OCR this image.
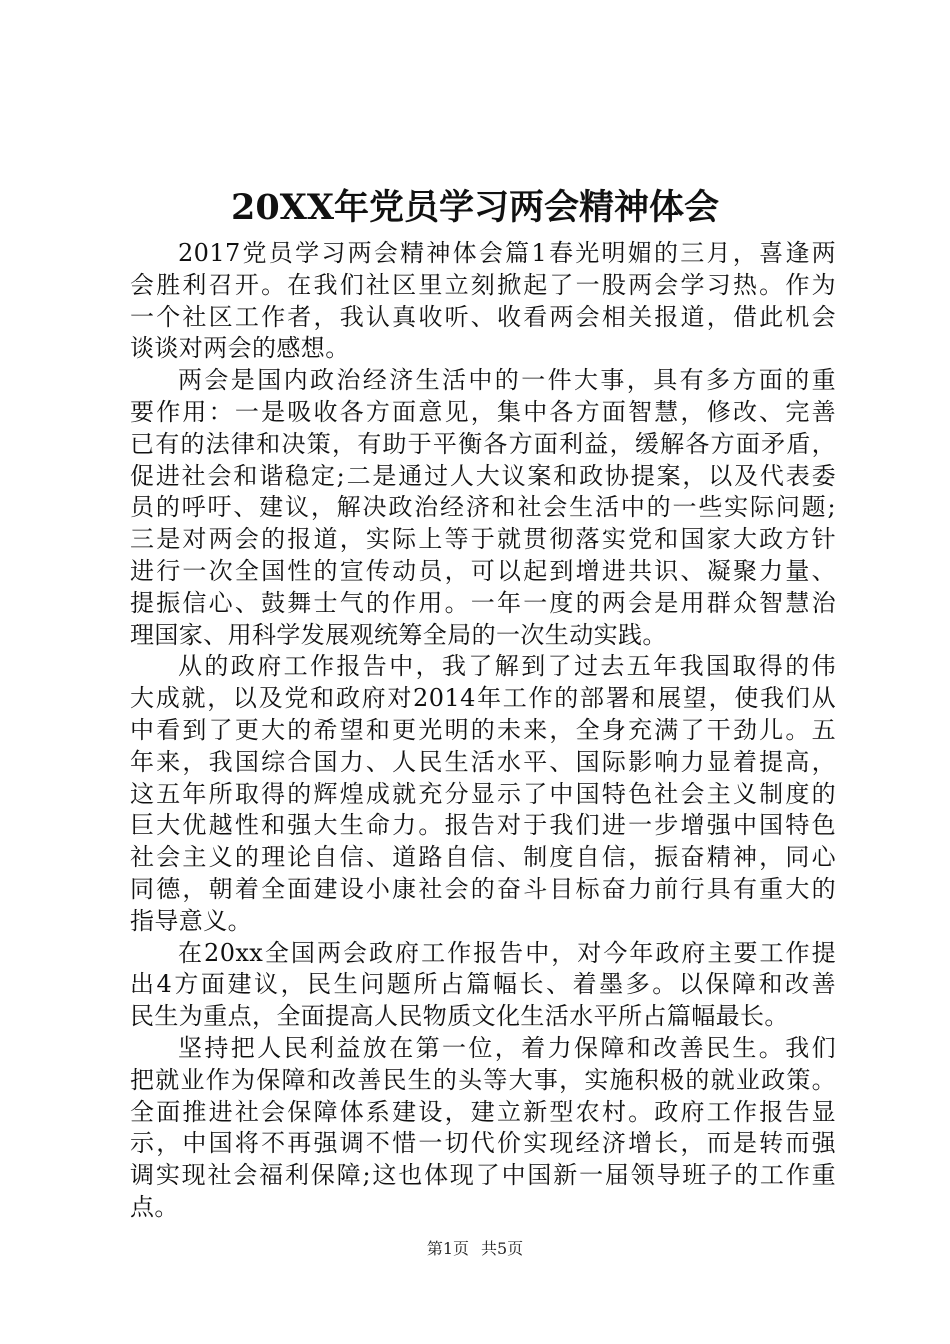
20XX年党员学习两会精神体会
2017党员学习两会精神体会篇1春光明媚的三月，喜逢两
会胜利召开。在我们社区里立刻掀起了一股两会学习热。作为
一个社区工作者，我认真收听、收看两会相关报道，借此机会
谈谈对两会的感想。
两会是国内政治经济生活中的一件大事，具有多方面的重
要作用：一是吸收各方面意见，集中各方面智慧，修改、完善
已有的法律和决策，有助于平衡各方面利益，缓解各方面矛盾，
促进社会和谐稳定;二是通过人大议案和政协提案，以及代表委
员的呼吁、建议，解决政治经济和社会生活中的一些实际问题;
三是对两会的报道，实际上等于就贯彻落实党和国家大政方针
进行一次全国性的宣传动员，可以起到增进共识、凝聚力量、
提振信心、鼓舞士气的作用。一年一度的两会是用群众智慧治
理国家、用科学发展观统筹全局的一次生动实践。
从的政府工作报告中，我了解到了过去五年我国取得的伟
大成就，以及党和政府对2014年工作的部署和展望，使我们从
中看到了更大的希望和更光明的未来，全身充满了干劲儿。五
年来，我国综合国力、人民生活水平、国际影响力显着提高，
这五年所取得的辉煌成就充分显示了中国特色社会主义制度的
巨大优越性和强大生命力。报告对于我们进一步增强中国特色
社会主义的理论自信、道路自信、制度自信，振奋精神，同心
同德，朝着全面建设小康社会的奋斗目标奋力前行具有重大的
指导意义。
在20xx全国两会政府工作报告中，对今年政府主要工作提
出4方面建议，民生问题所占篇幅长、着墨多。以保障和改善
民生为重点，全面提高人民物质文化生活水平所占篇幅最长。
坚持把人民利益放在第一位，着力保障和改善民生。我们
把就业作为保障和改善民生的头等大事，实施积极的就业政策。
全面推进社会保障体系建设，建立新型农村。政府工作报告显
示，中国将不再强调不惜一切代价实现经济增长，而是转而强
调实现社会福利保障;这也体现了中国新一届领导班子的工作重
点。
第1页 共5页
